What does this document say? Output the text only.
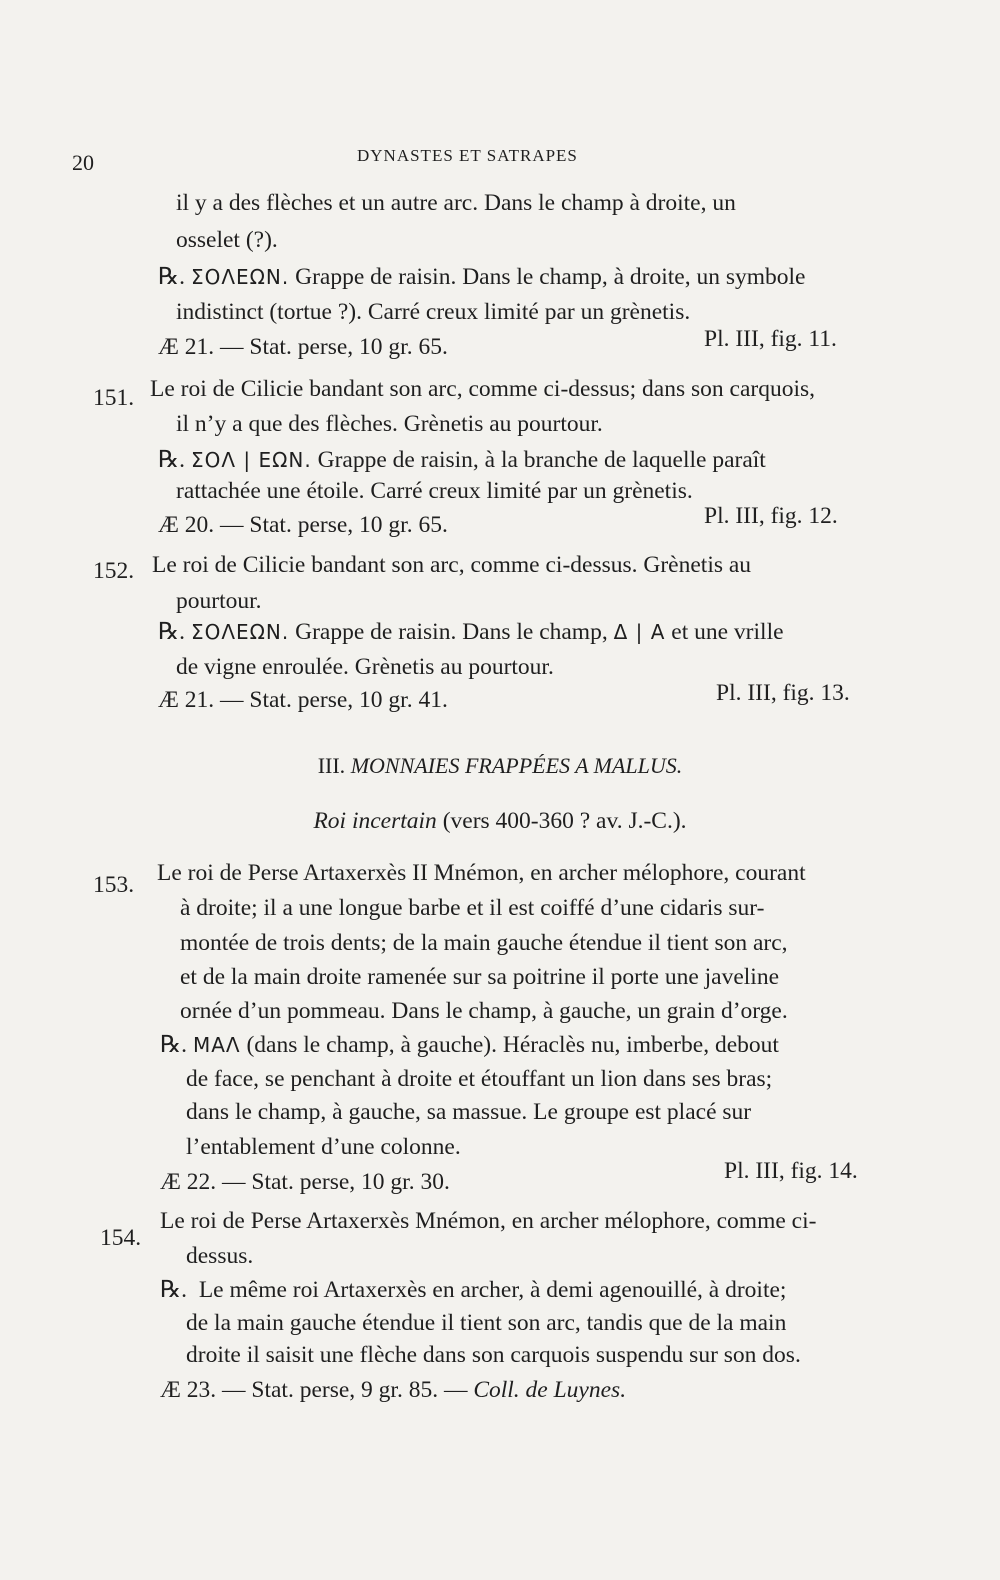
20	DYNASTES ET SATRAPES
il y a des flèches et un autre arc. Dans le champ à droite, un
osselet (?).
℞. ΣΟΛΕΩΝ. Grappe de raisin. Dans le champ, à droite, un symbole
indistinct (tortue ?). Carré creux limité par un grènetis.
Æ 21. — Stat. perse, 10 gr. 65.	Pl. III, fig. 11.
151. Le roi de Cilicie bandant son arc, comme ci-dessus; dans son carquois,
il n’y a que des flèches. Grènetis au pourtour.
℞. ΣΟΛ | ΕΩΝ. Grappe de raisin, à la branche de laquelle paraît
rattachée une étoile. Carré creux limité par un grènetis.
Æ 20. — Stat. perse, 10 gr. 65.	Pl. III, fig. 12.
152. Le roi de Cilicie bandant son arc, comme ci-dessus. Grènetis au
pourtour.
℞. ΣΟΛΕΩΝ. Grappe de raisin. Dans le champ, Δ | Α et une vrille
de vigne enroulée. Grènetis au pourtour.
Æ 21. — Stat. perse, 10 gr. 41.	Pl. III, fig. 13.
III. MONNAIES FRAPPÉES A MALLUS.
Roi incertain (vers 400-360 ? av. J.-C.).
153. Le roi de Perse Artaxerxès II Mnémon, en archer mélophore, courant
à droite; il a une longue barbe et il est coiffé d’une cidaris sur-
montée de trois dents; de la main gauche étendue il tient son arc,
et de la main droite ramenée sur sa poitrine il porte une javeline
ornée d’un pommeau. Dans le champ, à gauche, un grain d’orge.
℞. ΜΑΛ (dans le champ, à gauche). Héraclès nu, imberbe, debout
de face, se penchant à droite et étouffant un lion dans ses bras;
dans le champ, à gauche, sa massue. Le groupe est placé sur
l’entablement d’une colonne.
Æ 22. — Stat. perse, 10 gr. 30.	Pl. III, fig. 14.
154.
Le roi de Perse Artaxerxès Mnémon, en archer mélophore, comme ci-
dessus.
℞. Le même roi Artaxerxès en archer, à demi agenouillé, à droite;
de la main gauche étendue il tient son arc, tandis que de la main
droite il saisit une flèche dans son carquois suspendu sur son dos.
Æ 23. — Stat. perse, 9 gr. 85. — Coll. de Luynes.
